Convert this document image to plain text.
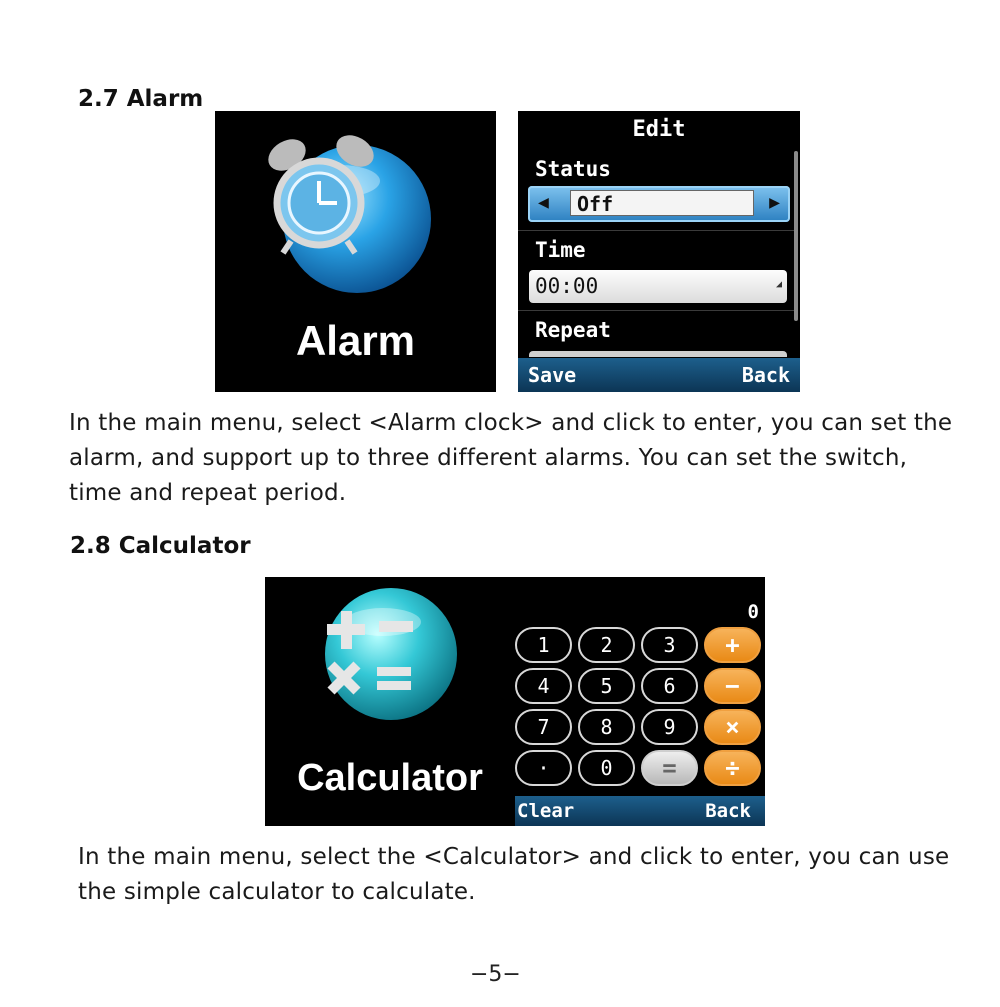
2.7 Alarm
Alarm
Edit
Status
◀	Off	▶
Time
00:00	◢
Repeat
Save	Back
In the main menu, select <Alarm clock> and click to enter, you can set the
alarm, and support up to three different alarms. You can set the switch,
time and repeat period.
2.8 Calculator
Calculator
0
1	2	3	+
4	5	6	−
7	8	9	×
·	0	=	÷
Clear	Back
In the main menu, select the <Calculator> and click to enter, you can use
the simple calculator to calculate.
−5−
